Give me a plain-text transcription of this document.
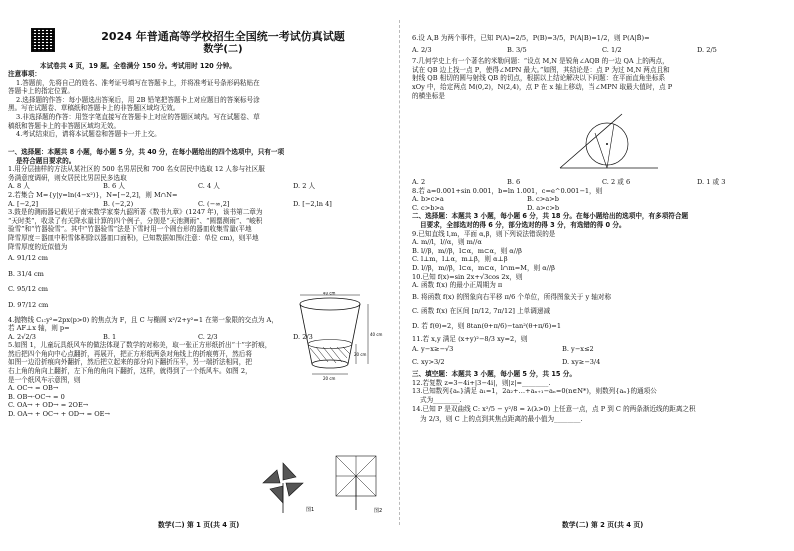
2024 年普通高等学校招生全国统一考试仿真试题
数学(二)
本试卷共 4 页，19 题。全卷满分 150 分。考试用时 120 分钟。

注意事项：

1.答题前，先将自己的姓名、准考证号填写在答题卡上，并将准考证号条形码粘贴在

答题卡上的指定位置。

2.选择题的作答：每小题选出答案后，用 2B 铅笔把答题卡上对应题目的答案标号涂

黑。写在试题卷、草稿纸和答题卡上的非答题区域均无效。

3.非选择题的作答：用签字笔直接写在答题卡上对应的答题区域内。写在试题卷、草

稿纸和答题卡上的非答题区域均无效。

4.考试结束后，请将本试题卷和答题卡一并上交。

一、选择题：本题共 8 小题，每小题 5 分，共 40 分，在每小题给出的四个选项中，只有一项

是符合题目要求的。

1.用分层抽样的方法从某社区的 500 名男居民和 700 名女居民中选取 12 人参与社区服

务满意度调研，则女居民比男居民多选取

A. 8 人	B. 6 人	C. 4 人	D. 2 人

2.若集合 M={y|y=ln(4−x²)}，N=[−2,2]，则 M∩N=

A. [−2,2]	B. (−2,2)	C. (−∞,2]	D. [−2,ln 4]

3.鼓是的测雨器记载见于南宋数学家秦九韶所著《数书九章》(1247 年)，该书第二章为

“天时类”，收录了有关降水量计算的四个例子，分别是“天池测雨”、“圆罂测雨”、“峻积

验雪”和“竹器验雪”。其中“竹器验雪”法是下雪时用一个圆台形的器皿收集雪量(平地

降雪厚度＝器皿中积雪体积除以器皿口面积)，已知数据如图(注意：单位 cm)，则平地

降雪厚度的近似值为

A. 91/12 cm

B. 31/4 cm

C. 95/12 cm

D. 97/12 cm

4.抛物线 C₁:y²=2px(p>0) 的焦点为 F，且 C 与椭圆 x²/2+y²=1 在第一象限的交点为 A，

若 AF⊥x 轴，则 p=

A. 2√2/3	B. 1	C. 2/3	D. 2/3

5.如图 1，儿童玩具纸风车的做法体现了数学的对称美，取一张正方形纸折出“十”字折痕，

然后把四个角向中心点翻折，再展开，把正方形纸两条对角线上的折痕剪开，然后将

如图一边沿折痕向外翻折，然后把立起来的部分向下翻折压平，另一端折法相同，把

右上角的角向上翻折，左下角的角向下翻折，这样，就得到了一个纸风车。如图 2，

是一个纸风车示意图，则

A. OC→ = OB→

B. OB→·OC→ = 0

C. OA→ + OD→ = 2OE→

D. OA→ + OC→ + OD→ = OE→

40 cm
20 cm
40 cm
20 cm
图1	图2
数学(二) 第 1 页(共 4 页)

6.设 A,B 为两个事件，已知 P(A)=2/5，P(B)=3/5，P(A|B)=1/2，则 P(A|B̄)=

A. 2/3	B. 3/5	C. 1/2	D. 2/5

7.几何学史上有一个著名的米勒问题：“设点 M,N 是锐角∠AQB 的一边 QA 上的两点，

试在 QB 边上找一点 P，使得∠MPN 最大。”如图，其结论是：点 P 为过 M,N 两点且和

射线 QB 相切的圆与射线 QB 的切点，根据以上结论解决以下问题：在平面直角坐标系

xOy 中，给定两点 M(0,2)，N(2,4)，点 P 在 x 轴上移动，当∠MPN 取最大值时，点 P

的横坐标是

A. 2	B. 6	C. 2 或 6	D. 1 或 3

8.若 a=0.001+sin 0.001，b=ln 1.001，c=e^0.001−1，则

A. b>c>a	B. c>a>b
C. c>b>a	D. a>c>b

二、选择题：本题共 3 小题，每小题 6 分，共 18 分。在每小题给出的选项中，有多项符合题

目要求，全部选对的得 6 分，部分选对的得 3 分，有选错的得 0 分。

9.已知直线 l,m，平面 α,β，则下列说法错误的是

A. m//l，l//α，则 m//α

B. l//β，m//β，l⊂α，m⊂α，则 α//β

C. l⊥m，l⊥α，m⊥β，则 α⊥β

D. l//β，m//β，l⊂α，m⊂α，l∩m=M，则 α//β

10.已知 f(x)=sin 2x+√3cos 2x，则

A. 函数 f(x) 的最小正周期为 π

B. 将函数 f(x) 的图象向右平移 π/6 个单位，所得图象关于 y 轴对称

C. 函数 f(x) 在区间 [π/12, 7π/12] 上单调递减

D. 若 f(θ)=2，则 8tan(θ+π/6)−tan²(θ+π/6)=1

11.若 x,y 满足 (x+y)²−8/3 xy=2，则

A. y−x≥−√3	B. y−x≤2
C. xy>3/2	D. xy≥−3/4

三、填空题：本题共 3 小题，每小题 5 分，共 15 分。

12.若复数 z=3−4i+|3−4i|，则|z|=________.

13.已知数列{aₙ}满足 a₁=1，2a₂+…+aₙ₊₁−aₙ=0(n∈N*)，则数列{aₙ}的通项公

式为________.

14.已知 P 是双曲线 C: x²/5 − y²/8 = λ(λ>0) 上任意一点，点 P 到 C 的两条渐近线的距离之积

为 2/3，则 C 上的点到其焦点距离的最小值为________.

数学(二) 第 2 页(共 4 页)
